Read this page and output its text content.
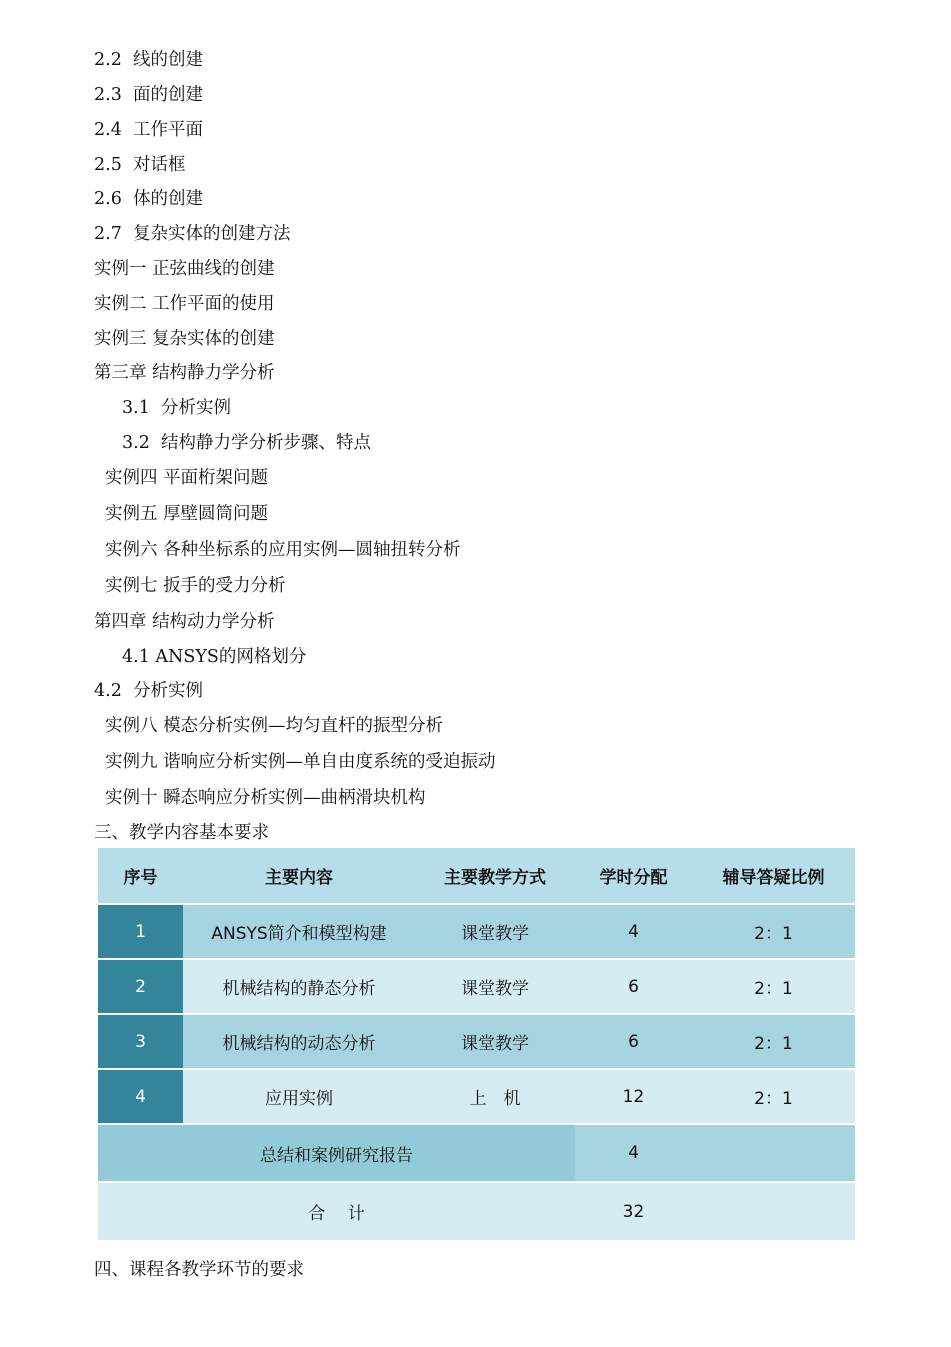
2.2  线的创建
2.3  面的创建
2.4  工作平面
2.5  对话框
2.6  体的创建
2.7  复杂实体的创建方法
实例一 正弦曲线的创建
实例二 工作平面的使用
实例三 复杂实体的创建
第三章 结构静力学分析
3.1  分析实例
3.2  结构静力学分析步骤、特点
实例四 平面桁架问题
实例五 厚壁圆筒问题
实例六 各种坐标系的应用实例—圆轴扭转分析
实例七 扳手的受力分析
第四章 结构动力学分析
4.1 ANSYS的网格划分
4.2  分析实例
实例八 模态分析实例—均匀直杆的振型分析
实例九 谐响应分析实例—单自由度系统的受迫振动
实例十 瞬态响应分析实例—曲柄滑块机构
三、教学内容基本要求
序号	主要内容	主要教学方式	学时分配	辅导答疑比例
1	ANSYS简介和模型构建	课堂教学	4	2：1
2	机械结构的静态分析	课堂教学	6	2：1
3	机械结构的动态分析	课堂教学	6	2：1
4	应用实例	上　机	12	2：1
总结和案例研究报告			4	
合　 计			32	
四、课程各教学环节的要求
